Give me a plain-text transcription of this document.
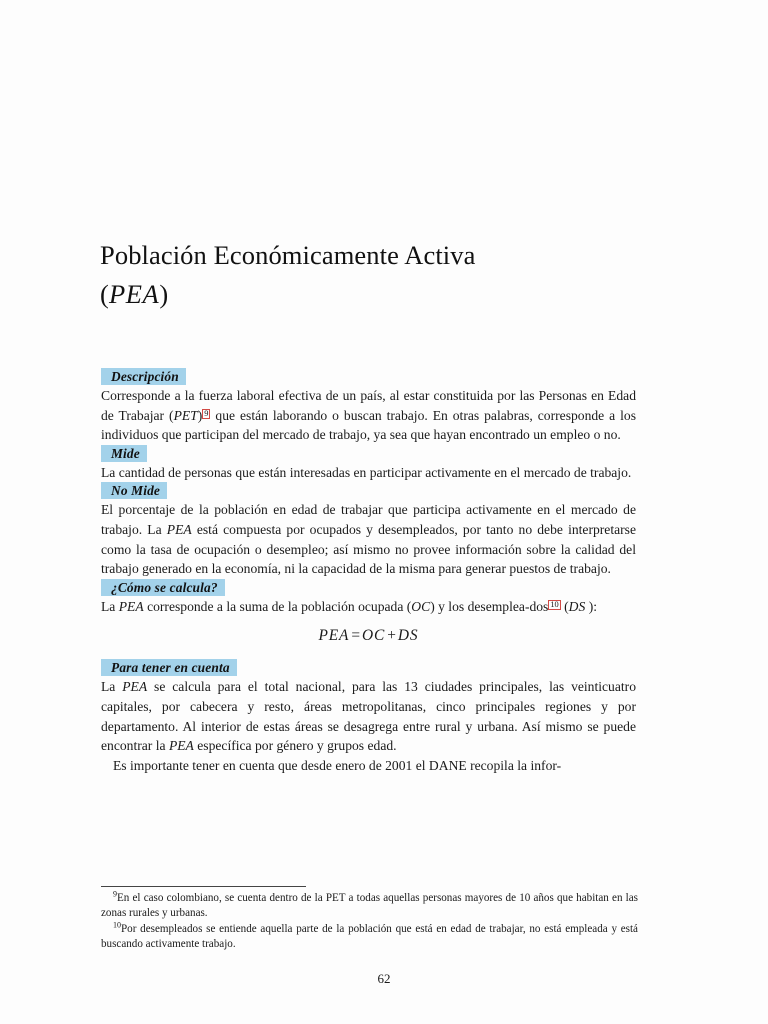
Población Económicamente Activa
(PEA)
Descripción

Corresponde a la fuerza laboral efectiva de un país, al estar constituida por las Personas en Edad de Trabajar (PET) $^9$ que están laborando o buscan trabajo. En otras palabras, corresponde a los individuos que participan del mercado de trabajo, ya sea que hayan encontrado un empleo o no.

Mide

La cantidad de personas que están interesadas en participar activamente en el mercado de trabajo.

No Mide

El porcentaje de la población en edad de trabajar que participa activamente en el mercado de trabajo. La PEA está compuesta por ocupados y desempleados, por tanto no debe interpretarse como la tasa de ocupación o desempleo; así mismo no provee información sobre la calidad del trabajo generado en la economía, ni la capacidad de la misma para generar puestos de trabajo.

¿Cómo se calcula?

La PEA corresponde a la suma de la población ocupada (OC) y los desemplea-dos $^{10}$ (DS ):

PEA = OC + DS
Para tener en cuenta

La PEA se calcula para el total nacional, para las 13 ciudades principales, las veinticuatro capitales, por cabecera y resto, áreas metropolitanas, cinco principales regiones y por departamento. Al interior de estas áreas se desagrega entre rural y urbana. Así mismo se puede encontrar la PEA específica por género y grupos edad.

Es importante tener en cuenta que desde enero de 2001 el DANE recopila la infor-

$^9$En el caso colombiano, se cuenta dentro de la PET a todas aquellas personas mayores de 10 años que habitan en las zonas rurales y urbanas.

$^{10}$Por desempleados se entiende aquella parte de la población que está en edad de trabajar, no está empleada y está buscando activamente trabajo.

62
